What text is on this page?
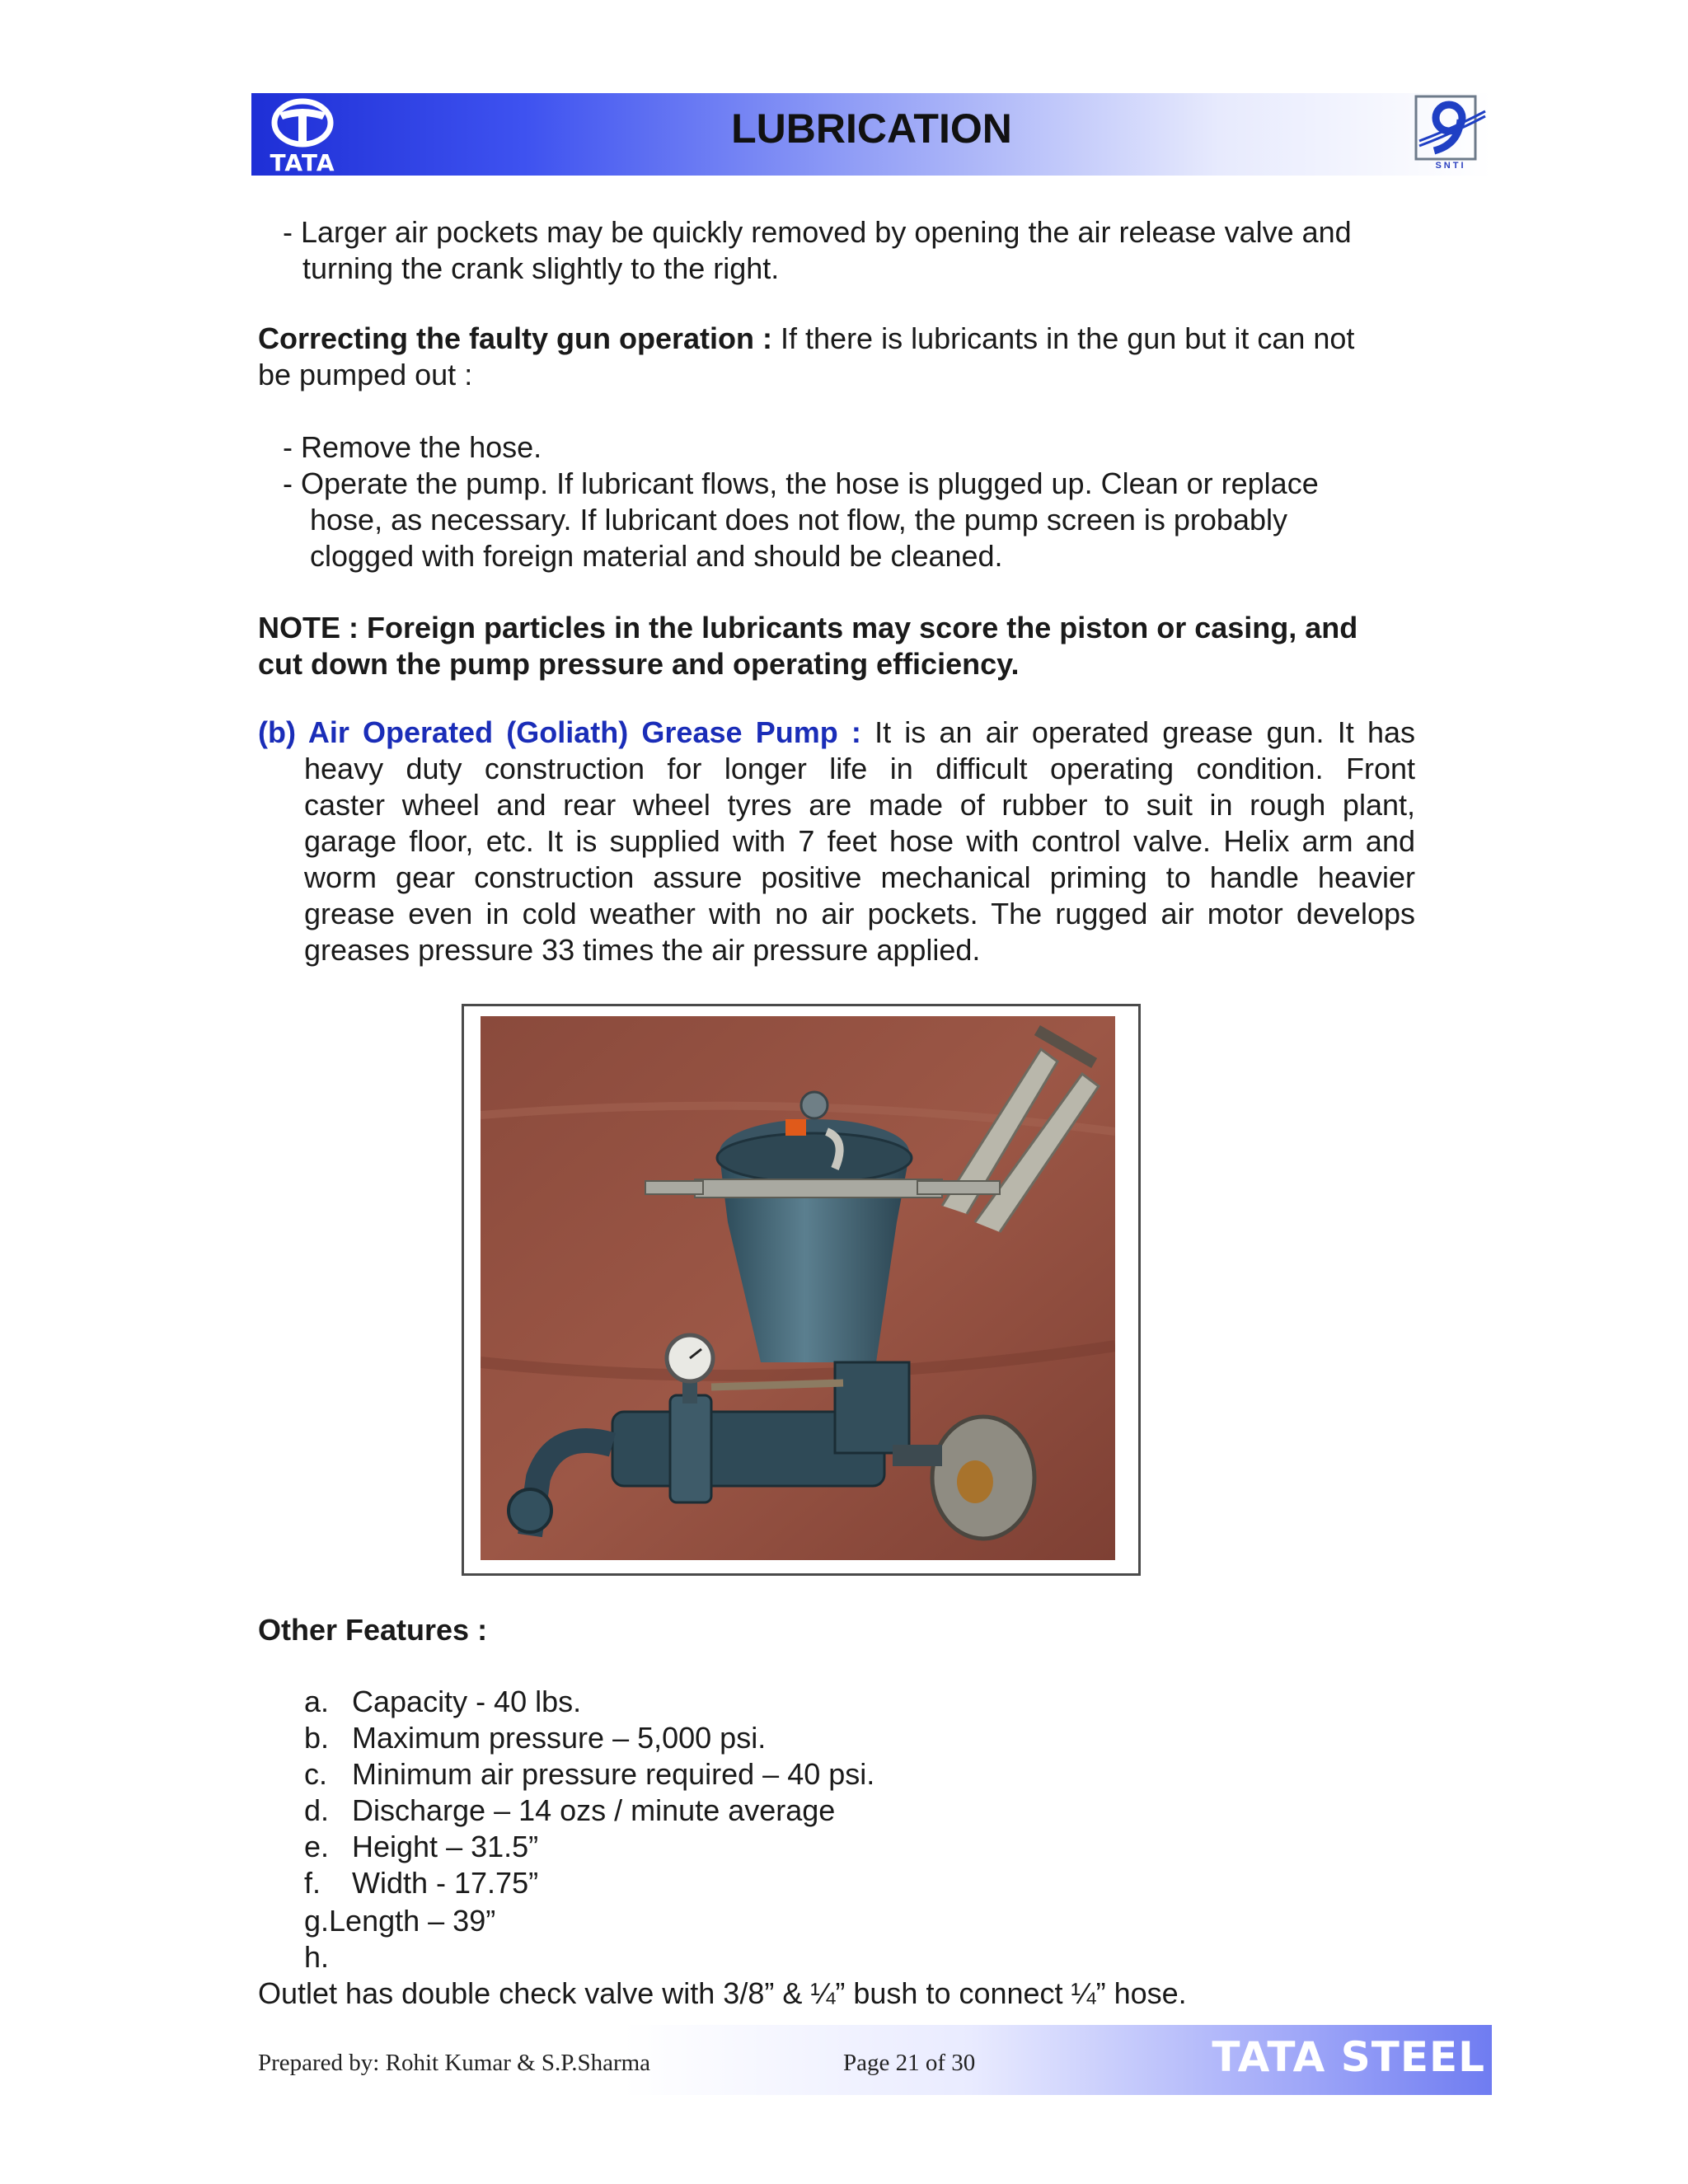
TATA
LUBRICATION
SNTI
- Larger air pockets may be quickly removed by opening the air release valve and
turning the crank slightly to the right.
Correcting the faulty gun operation : If there is lubricants in the gun but it can not
be pumped out :
- Remove the hose.
- Operate the pump. If lubricant flows, the hose is plugged up. Clean or replace
hose, as necessary. If lubricant does not flow, the pump screen is probably
clogged with foreign material and should be cleaned.
NOTE : Foreign particles in the lubricants may score the piston or casing, and
cut down the pump pressure and operating efficiency.
(b) Air Operated (Goliath) Grease Pump : It is an air operated grease gun. It has
heavy duty construction for longer life in difficult operating condition. Front
caster wheel and rear wheel tyres are made of rubber to suit in rough plant,
garage floor, etc. It is supplied with 7 feet hose with control valve. Helix arm and
worm gear construction assure positive mechanical priming to handle heavier
grease even in cold weather with no air pockets. The rugged air motor develops
greases pressure 33 times the air pressure applied.
Other Features :
a. Capacity - 40 lbs.
b. Maximum pressure – 5,000 psi.
c. Minimum air pressure required – 40 psi.
d. Discharge – 14 ozs / minute average
e. Height – 31.5”
f. Width - 17.75”
g.Length – 39”
h.
Outlet has double check valve with 3/8” & ¼” bush to connect ¼” hose.
Prepared by: Rohit Kumar & S.P.Sharma	Page 21 of 30	TATA STEEL
